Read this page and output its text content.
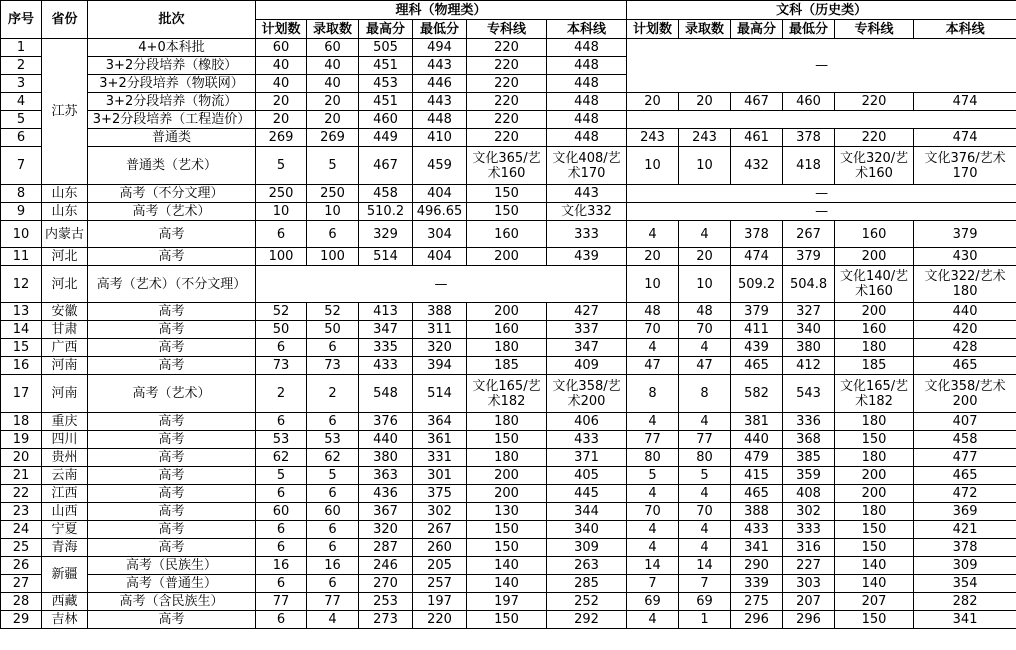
序号	省份	批次	理科（物理类）						文科（历史类）					
			计划数	录取数	最高分	最低分	专科线	本科线	计划数	录取数	最高分	最低分	专科线	本科线
1	江苏	4+0本科批	60	60	505	494	220	448	—					
2		3+2分段培养（橡胶）	40	40	451	443	220	448						
3		3+2分段培养（物联网）	40	40	453	446	220	448						
4		3+2分段培养（物流）	20	20	451	443	220	448	20	20	467	460	220	474
5		3+2分段培养（工程造价）	20	20	460	448	220	448						
6		普通类	269	269	449	410	220	448	243	243	461	378	220	474
7		普通类（艺术）	5	5	467	459	文化365/艺术160	文化408/艺术170	10	10	432	418	文化320/艺术160	文化376/艺术170
8	山东	高考（不分文理）	250	250	458	404	150	443	—					
9	山东	高考（艺术）	10	10	510.2	496.65	150	文化332	—					
10	内蒙古	高考	6	6	329	304	160	333	4	4	378	267	160	379
11	河北	高考	100	100	514	404	200	439	20	20	474	379	200	430
12	河北	高考（艺术）（不分文理）	—						10	10	509.2	504.8	文化140/艺术160	文化322/艺术180
13	安徽	高考	52	52	413	388	200	427	48	48	379	327	200	440
14	甘肃	高考	50	50	347	311	160	337	70	70	411	340	160	420
15	广西	高考	6	6	335	320	180	347	4	4	439	380	180	428
16	河南	高考	73	73	433	394	185	409	47	47	465	412	185	465
17	河南	高考（艺术）	2	2	548	514	文化165/艺术182	文化358/艺术200	8	8	582	543	文化165/艺术182	文化358/艺术200
18	重庆	高考	6	6	376	364	180	406	4	4	381	336	180	407
19	四川	高考	53	53	440	361	150	433	77	77	440	368	150	458
20	贵州	高考	62	62	380	331	180	371	80	80	479	385	180	477
21	云南	高考	5	5	363	301	200	405	5	5	415	359	200	465
22	江西	高考	6	6	436	375	200	445	4	4	465	408	200	472
23	山西	高考	60	60	367	302	130	344	70	70	388	302	180	369
24	宁夏	高考	6	6	320	267	150	340	4	4	433	333	150	421
25	青海	高考	6	6	287	260	150	309	4	4	341	316	150	378
26	新疆	高考（民族生）	16	16	246	205	140	263	14	14	290	227	140	309
27		高考（普通生）	6	6	270	257	140	285	7	7	339	303	140	354
28	西藏	高考（含民族生）	77	77	253	197	197	252	69	69	275	207	207	282
29	吉林	高考	6	4	273	220	150	292	4	1	296	296	150	341
